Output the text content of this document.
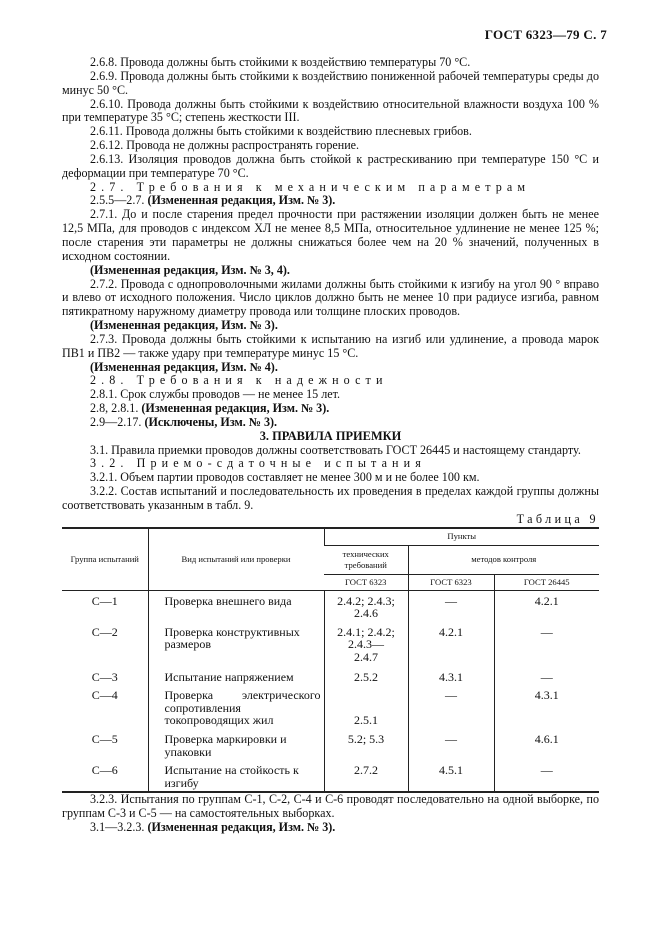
ГОСТ 6323—79 С. 7

2.6.8. Провода должны быть стойкими к воздействию температуры 70 °C.

2.6.9. Провода должны быть стойкими к воздействию пониженной рабочей температуры среды до минус 50 °C.

2.6.10. Провода должны быть стойкими к воздействию относительной влажности воздуха 100 % при температуре 35 °C; степень жесткости III.

2.6.11. Провода должны быть стойкими к воздействию плесневых грибов.

2.6.12. Провода не должны распространять горение.

2.6.13. Изоляция проводов должна быть стойкой к растрескиванию при температуре 150 °C и деформации при температуре 70 °C.

2.7. Требования к механическим параметрам

2.5.5—2.7. (Измененная редакция, Изм. № 3).

2.7.1. До и после старения предел прочности при растяжении изоляции должен быть не менее 12,5 МПа, для проводов с индексом ХЛ не менее 8,5 МПа, относительное удлинение не менее 125 %; после старения эти параметры не должны снижаться более чем на 20 % значений, полученных в исходном состоянии.

(Измененная редакция, Изм. № 3, 4).

2.7.2. Провода с однопроволочными жилами должны быть стойкими к изгибу на угол 90 ° вправо и влево от исходного положения. Число циклов должно быть не менее 10 при радиусе изгиба, равном пятикратному наружному диаметру провода или толщине плоских проводов.

(Измененная редакция, Изм. № 3).

2.7.3. Провода должны быть стойкими к испытанию на изгиб или удлинение, а провода марок ПВ1 и ПВ2 — также удару при температуре минус 15 °C.

(Измененная редакция, Изм. № 4).

2.8. Требования к надежности

2.8.1. Срок службы проводов — не менее 15 лет.

2.8, 2.8.1. (Измененная редакция, Изм. № 3).

2.9—2.17. (Исключены, Изм. № 3).

3. ПРАВИЛА ПРИЕМКИ

3.1. Правила приемки проводов должны соответствовать ГОСТ 26445 и настоящему стандарту.

3.2. Приемо-сдаточные испытания

3.2.1. Объем партии проводов составляет не менее 300 м и не более 100 км.

3.2.2. Состав испытаний и последовательность их проведения в пределах каждой группы должны соответствовать указанным в табл. 9.

Таблица 9

Группа испытаний	Вид испытаний или проверки	Пункты		
		технических требований	методов контроля	
		ГОСТ 6323	ГОСТ 6323	ГОСТ 26445

С—1	Проверка внешнего вида	2.4.2; 2.4.3; 2.4.6	—	4.2.1
С—2	Проверка конструктивных размеров	2.4.1; 2.4.2; 2.4.3—2.4.7	4.2.1	—
С—3	Испытание напряжением	2.5.2	4.3.1	—
С—4	Проверка электрического сопротивления токопроводящих жил	2.5.1	—	4.3.1
С—5	Проверка маркировки и упаковки	5.2; 5.3	—	4.6.1
С—6	Испытание на стойкость к изгибу	2.7.2	4.5.1	—

3.2.3. Испытания по группам С-1, С-2, С-4 и С-6 проводят последовательно на одной выборке, по группам С-3 и С-5 — на самостоятельных выборках.

3.1—3.2.3. (Измененная редакция, Изм. № 3).
